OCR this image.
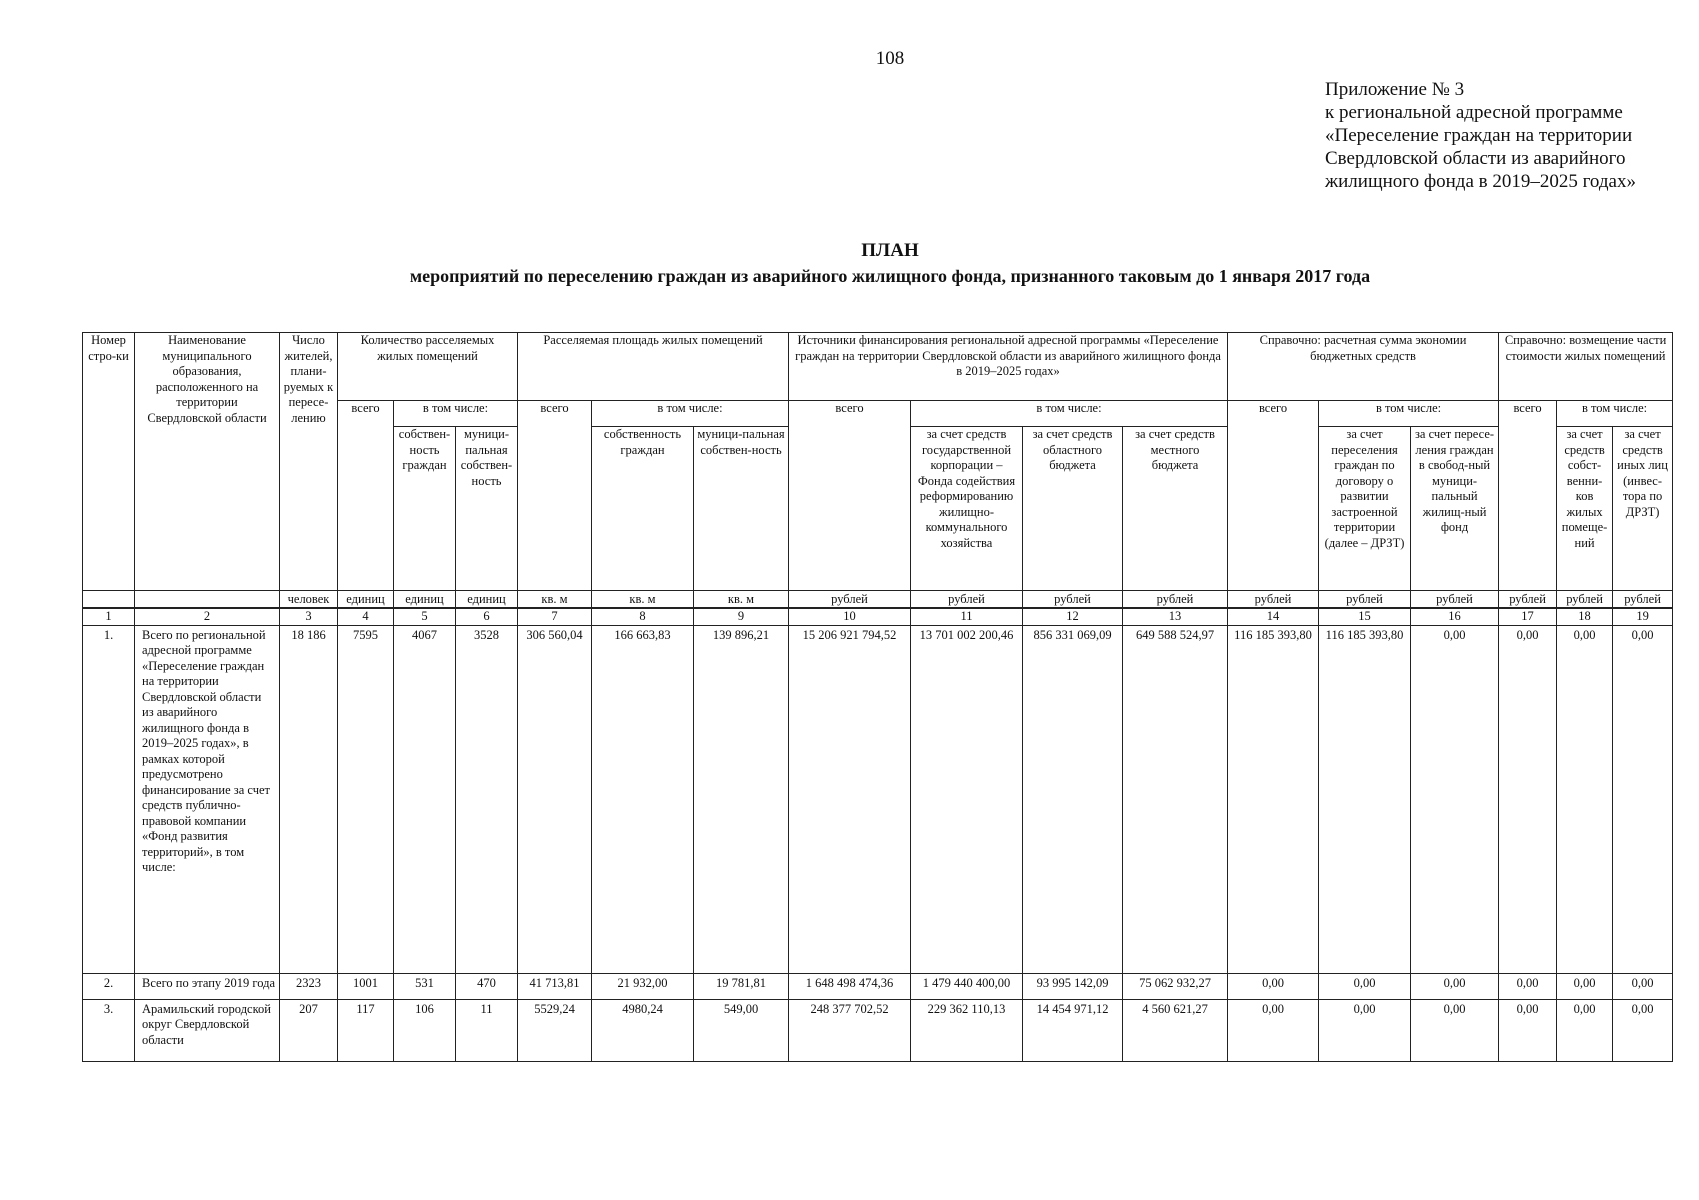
108
Приложение № 3
к региональной адресной программе
«Переселение граждан на территории
Свердловской области из аварийного
жилищного фонда в 2019–2025 годах»
ПЛАН
мероприятий по переселению граждан из аварийного жилищного фонда, признанного таковым до 1 января 2017 года
Номер стро-ки	Наименование муниципального образования, расположенного на территории Свердловской области	Число жителей, плани-руемых к пересе-лению	Количество расселяемых жилых помещений			Расселяемая площадь жилых помещений			Источники финансирования региональной адресной программы «Переселение граждан на территории Свердловской области из аварийного жилищного фонда в 2019–2025 годах»				Справочно: расчетная сумма экономии бюджетных средств			Справочно: возмещение части стоимости жилых помещений		
			всего	в том числе:		всего	в том числе:		всего	в том числе:			всего	в том числе:		всего	в том числе:	
				собствен-ность граждан	муници-пальная собствен-ность		собственность граждан	муници-пальная собствен-ность		за счет средств государственной корпорации – Фонда содействия реформированию жилищно-коммунального хозяйства	за счет средств областного бюджета	за счет средств местного бюджета		за счет переселения граждан по договору о развитии застроенной территории (далее – ДРЗТ)	за счет пересе-ления граждан в свобод-ный муници-пальный жилищ-ный фонд		за счет средств собст-венни-ков жилых помеще-ний	за счет средств иных лиц (инвес-тора по ДРЗТ)
		человек	единиц	единиц	единиц	кв. м	кв. м	кв. м	рублей	рублей	рублей	рублей	рублей	рублей	рублей	рублей	рублей	рублей
1	2	3	4	5	6	7	8	9	10	11	12	13	14	15	16	17	18	19
1.	Всего по региональной адресной программе «Переселение граждан на территории Свердловской области из аварийного жилищного фонда в 2019–2025 годах», в рамках которой предусмотрено финансирование за счет средств публично-правовой компании «Фонд развития территорий», в том числе:	18 186	7595	4067	3528	306 560,04	166 663,83	139 896,21	15 206 921 794,52	13 701 002 200,46	856 331 069,09	649 588 524,97	116 185 393,80	116 185 393,80	0,00	0,00	0,00	0,00
2.	Всего по этапу 2019 года	2323	1001	531	470	41 713,81	21 932,00	19 781,81	1 648 498 474,36	1 479 440 400,00	93 995 142,09	75 062 932,27	0,00	0,00	0,00	0,00	0,00	0,00
3.	Арамильский городской округ Свердловской области	207	117	106	11	5529,24	4980,24	549,00	248 377 702,52	229 362 110,13	14 454 971,12	4 560 621,27	0,00	0,00	0,00	0,00	0,00	0,00
